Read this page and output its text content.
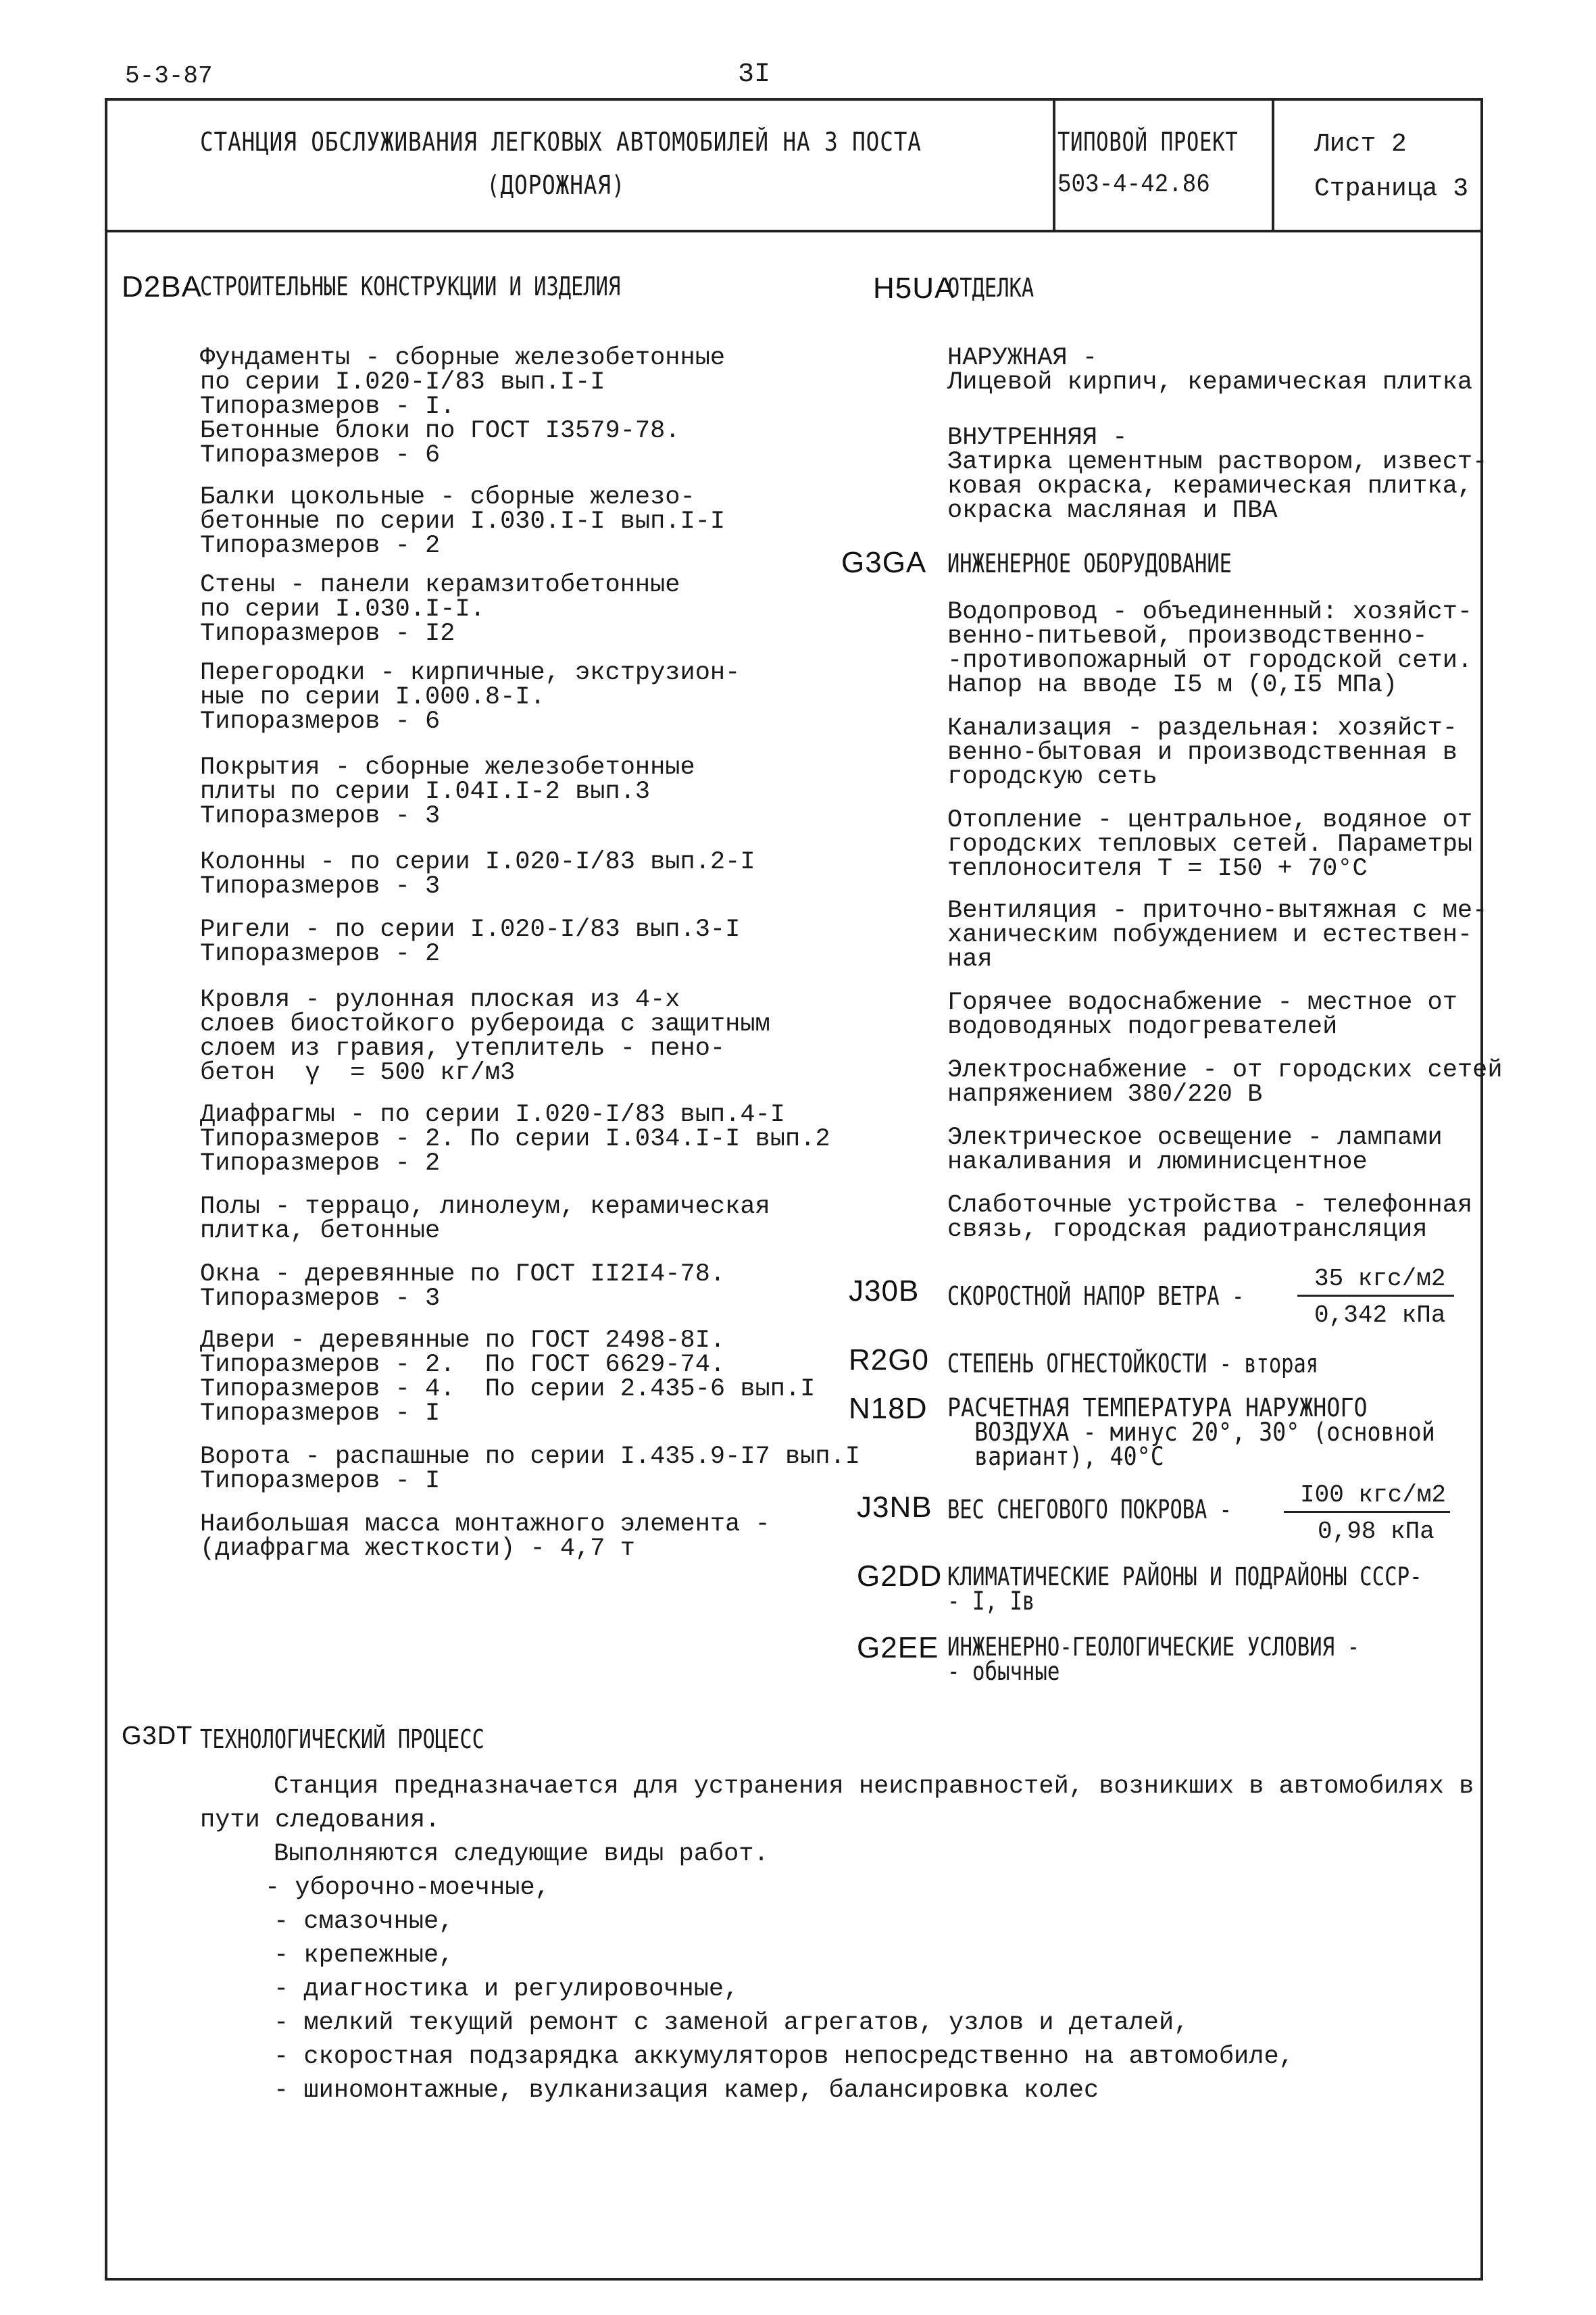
5-3-87	3I
СТАНЦИЯ ОБСЛУЖИВАНИЯ ЛЕГКОВЫХ АВТОМОБИЛЕЙ НА 3 ПОСТА
(ДОРОЖНАЯ)
ТИПОВОЙ ПРОЕКТ
503-4-42.86
Лист 2
Страница 3
D2BA
СТРОИТЕЛЬНЫЕ КОНСТРУКЦИИ И ИЗДЕЛИЯ
Фундаменты - сборные железобетонные
по серии I.020-I/83 вып.I-I
Типоразмеров - I.
Бетонные блоки по ГОСТ I3579-78.
Типоразмеров - 6
Балки цокольные - сборные железо-
бетонные по серии I.030.I-I вып.I-I
Типоразмеров - 2
Стены - панели керамзитобетонные
по серии I.030.I-I.
Типоразмеров - I2
Перегородки - кирпичные, экструзион-
ные по серии I.000.8-I.
Типоразмеров - 6
Покрытия - сборные железобетонные
плиты по серии I.04I.I-2 вып.3
Типоразмеров - 3
Колонны - по серии I.020-I/83 вып.2-I
Типоразмеров - 3
Ригели - по серии I.020-I/83 вып.3-I
Типоразмеров - 2
Кровля - рулонная плоская из 4-х
слоев биостойкого рубероида с защитным
слоем из гравия, утеплитель - пено-
бетон  γ  = 500 кг/м3
Диафрагмы - по серии I.020-I/83 вып.4-I
Типоразмеров - 2. По серии I.034.I-I вып.2
Типоразмеров - 2
Полы - террацо, линолеум, керамическая
плитка, бетонные
Окна - деревянные по ГОСТ II2I4-78.
Типоразмеров - 3
Двери - деревянные по ГОСТ 2498-8I.
Типоразмеров - 2.  По ГОСТ 6629-74.
Типоразмеров - 4.  По серии 2.435-6 вып.I
Типоразмеров - I
Ворота - распашные по серии I.435.9-I7 вып.I
Типоразмеров - I
Наибольшая масса монтажного элемента -
(диафрагма жесткости) - 4,7 т
H5UA
ОТДЕЛКА
НАРУЖНАЯ -
Лицевой кирпич, керамическая плитка
ВНУТРЕННЯЯ -
Затирка цементным раствором, извест-
ковая окраска, керамическая плитка,
окраска масляная и ПВА
G3GA ИНЖЕНЕРНОЕ ОБОРУДОВАНИЕ
Водопровод - объединенный: хозяйст-
венно-питьевой, производственно-
-противопожарный от городской сети.
Напор на вводе I5 м (0,I5 МПа)
Канализация - раздельная: хозяйст-
венно-бытовая и производственная в
городскую сеть
Отопление - центральное, водяное от
городских тепловых сетей. Параметры
теплоносителя Т = I50 + 70°С
Вентиляция - приточно-вытяжная с ме-
ханическим побуждением и естествен-
ная
Горячее водоснабжение - местное от
водоводяных подогревателей
Электроснабжение - от городских сетей
напряжением 380/220 В
Электрическое освещение - лампами
накаливания и люминисцентное
Слаботочные устройства - телефонная
связь, городская радиотрансляция
J30B СКОРОСТНОЙ НАПОР ВЕТРА -
35 кгс/м2
0,342 кПа
R2G0 СТЕПЕНЬ ОГНЕСТОЙКОСТИ - вторая
N18D РАСЧЕТНАЯ ТЕМПЕРАТУРА НАРУЖНОГО
ВОЗДУХА - минус 20°, 30° (основной
вариант), 40°С
J3NB ВЕС СНЕГОВОГО ПОКРОВА -	I00 кгс/м2
0,98 кПа
G2DD КЛИМАТИЧЕСКИЕ РАЙОНЫ И ПОДРАЙОНЫ СССР-
- I, Iв
G2EE ИНЖЕНЕРНО-ГЕОЛОГИЧЕСКИЕ УСЛОВИЯ -
- обычные
G3DT ТЕХНОЛОГИЧЕСКИЙ ПРОЦЕСС
Станция предназначается для устранения неисправностей, возникших в автомобилях в
пути следования.
Выполняются следующие виды работ.
- уборочно-моечные,
- смазочные,
- крепежные,
- диагностика и регулировочные,
- мелкий текущий ремонт с заменой агрегатов, узлов и деталей,
- скоростная подзарядка аккумуляторов непосредственно на автомобиле,
- шиномонтажные, вулканизация камер, балансировка колес
